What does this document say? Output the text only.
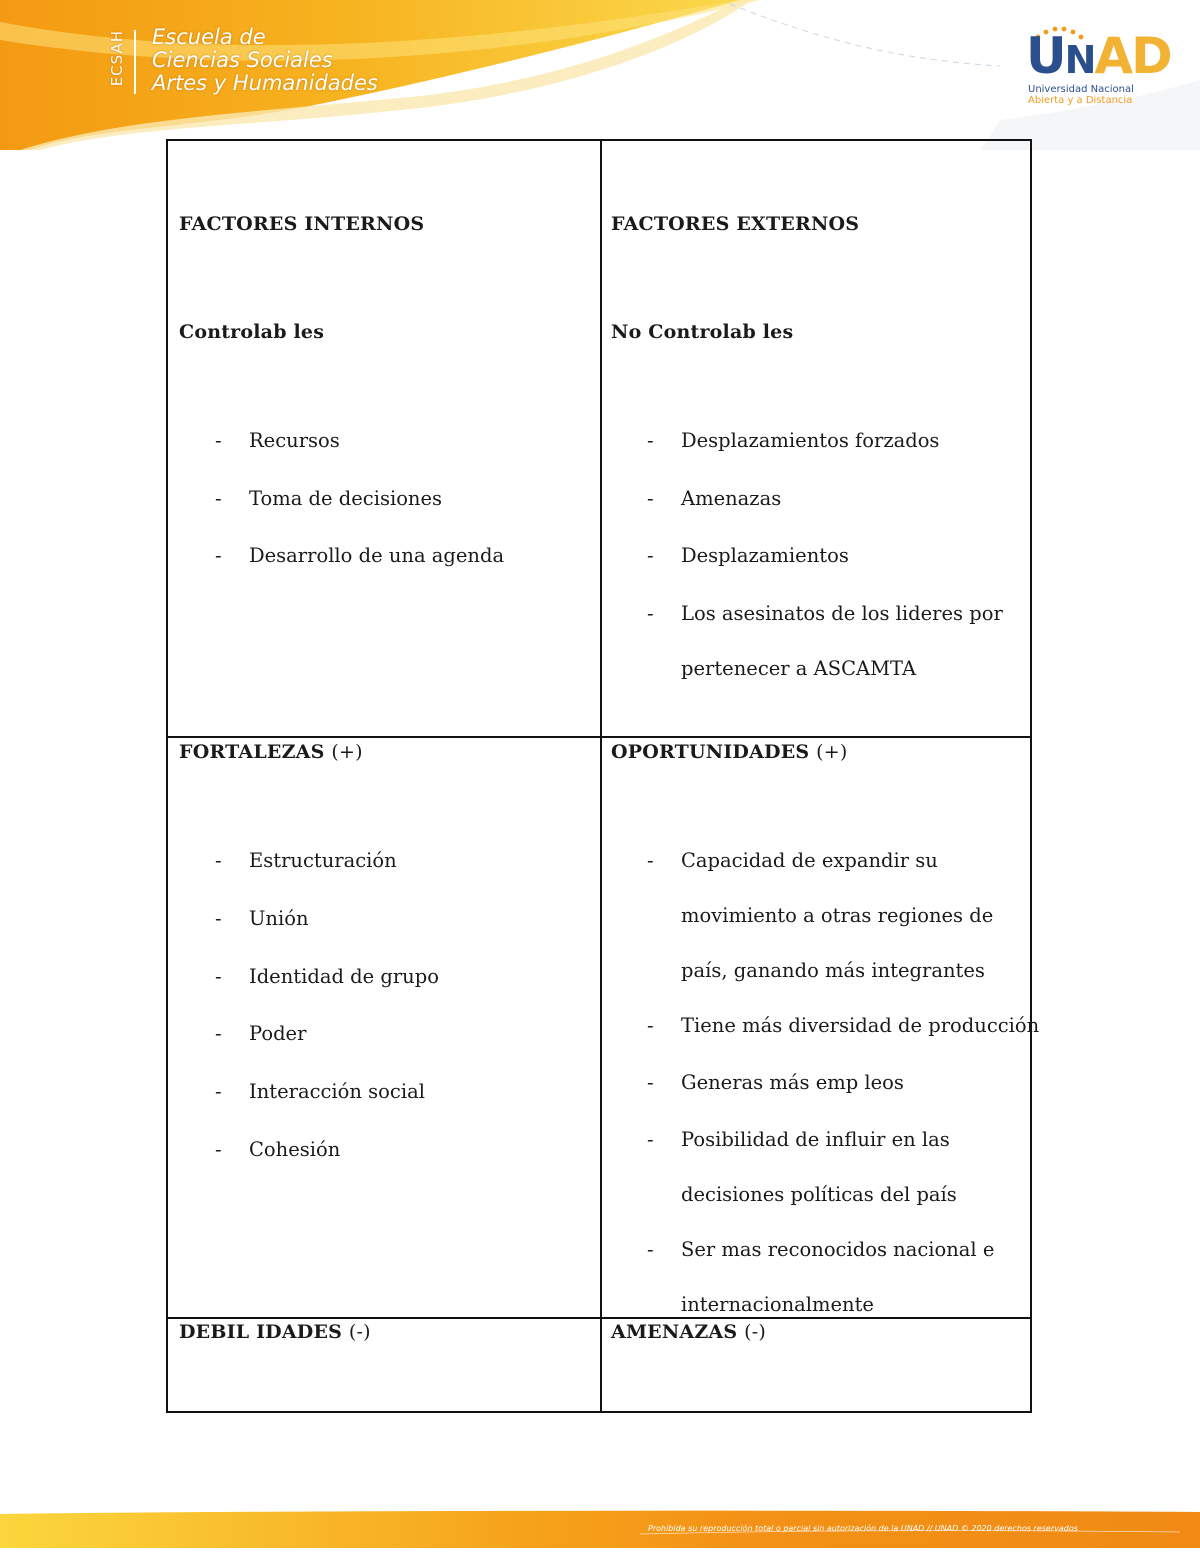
ECSAH Escuela de
Ciencias Sociales
Artes y Humanidades	UNAD
Universidad Nacional
Abierta y a Distancia
FACTORES INTERNOS
Controlab les
- Recursos
- Toma de decisiones
- Desarrollo de una agenda
FACTORES EXTERNOS
No Controlab les
- Desplazamientos forzados
- Amenazas
- Desplazamientos
- Los asesinatos de los lideres por
pertenecer a ASCAMTA
FORTALEZAS (+)
- Estructuración
- Unión
- Identidad de grupo
- Poder
- Interacción social
- Cohesión
OPORTUNIDADES (+)
- Capacidad de expandir su
movimiento a otras regiones de
país, ganando más integrantes
- Tiene más diversidad de producción
- Generas más emp leos
- Posibilidad de influir en las
decisiones políticas del país
- Ser mas reconocidos nacional e
internacionalmente
DEBIL IDADES (-)	AMENAZAS (-)
Prohibida su reproducción total o parcial sin autorización de la UNAD // UNAD © 2020 derechos reservados
